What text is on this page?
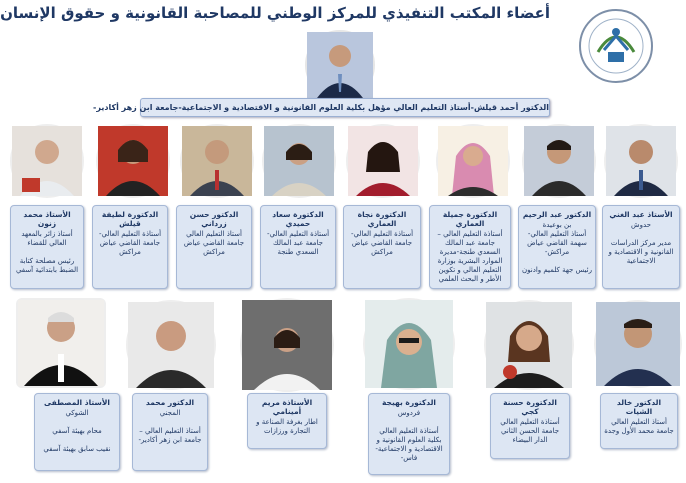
أعضاء المكتب التنفيذي للمركز الوطني للمصاحبة القانونية و حقوق الإنسان
الدكتور أحمد قيلش-أستاذ التعليم العالي مؤهل بكلية العلوم القانونية و الاقتصادية و الاجتماعية-جامعة ابن زهر أكادير-
الأستاذ محمد زنون
أستاذ زائر بالمعهد العالي للقضاء

رئيس مصلحة كتابة الضبط بابتدائية آسفي
الدكتورة لطيفة قيلش
أستاذة التعليم العالي-جامعة القاضي عياض مراكش
الدكتور حسن زرداني
أستاذ التعليم العالي جامعة القاضي عياض مراكش
الدكتورة سعاد حميدي
أستاذة التعليم العالي-جامعة عبد المالك السعدي طنجة
الدكتورة نجاة العماري
أستاذة التعليم العالي-جامعة القاضي عياض مراكش
الدكتورة جميلة العماري
أستاذة التعليم العالي – جامعة عبد المالك السعدي طنجة-مديرة الموارد البشرية بوزارة التعليم العالي و تكوين الأطر و البحث العلمي
الدكتور عبد الرحيم
بن بوعيدة
أستاذ التعليم العالي-سهمة القاضي عياض مراكش-

رئيس جهة كلميم وادنون
الأستاذ عبد الغني
حدوش

مدير مركز الدراسات القانونية و الاقتصادية و الاجتماعية
الأستاذ المصطفى
الشوكي

محام بهيئة آسفي

نقيب سابق بهيئة آسفي
الدكتور محمد
المجني

أستاذ التعليم العالي – جامعة ابن زهر أكادير-
الأستاذة مريم أمينامي
اطار بغرفة الصناعة و التجارة ورزازات
الدكتورة بهيجة
فردوس

أستاذة التعليم العالي بكلية العلوم القانونية و الاقتصادية و الاجتماعية-فاس-
الدكتورة حسنة كجي
أستاذة التعليم العالي جامعة الحسن الثاني الدار البيضاء
الدكتور خالد الشيات
أستاذ التعليم العالي جامعة محمد الأول وجدة
